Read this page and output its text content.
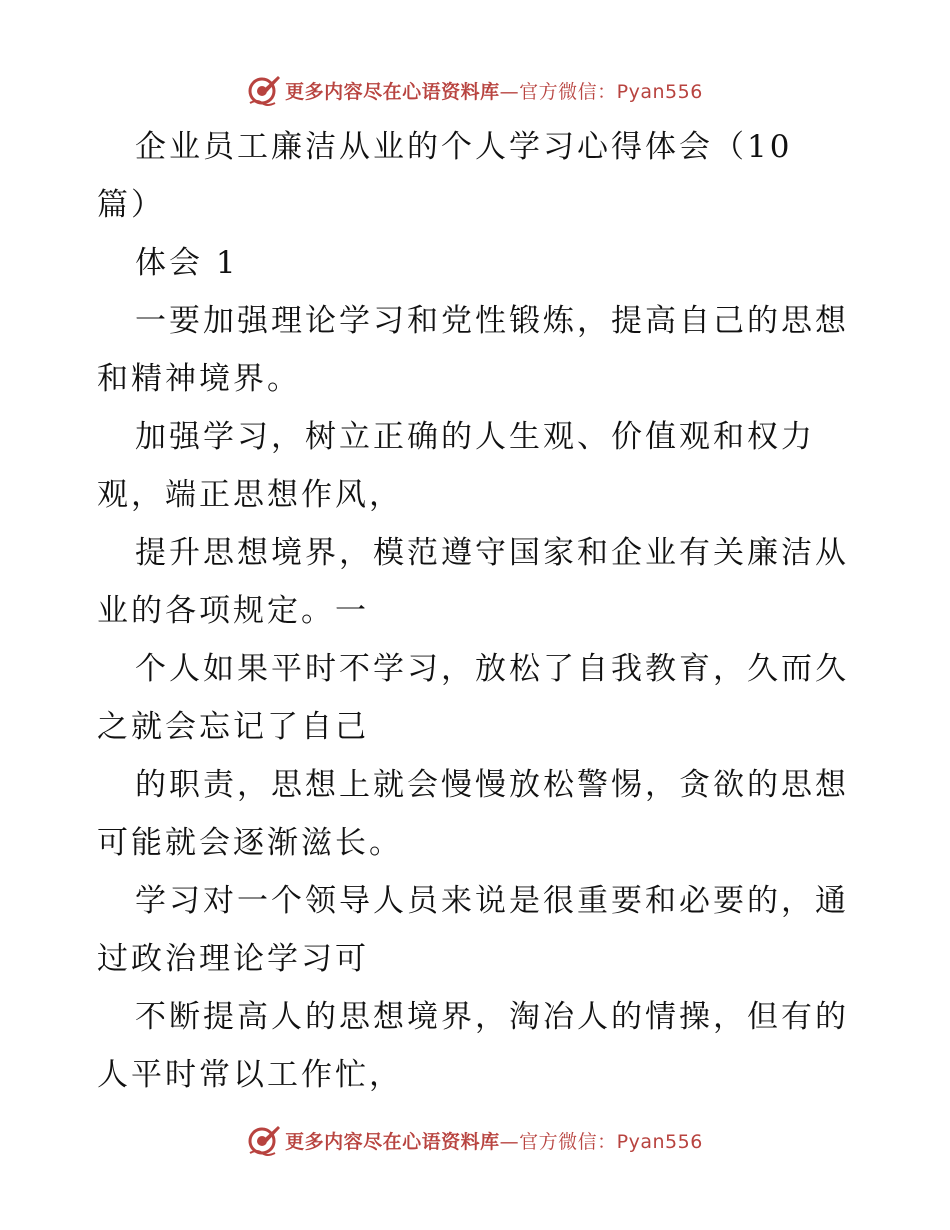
更多内容尽在心语资料库—官方微信：Pyan556
企业员工廉洁从业的个人学习心得体会（10
篇）
体会 1
一要加强理论学习和党性锻炼，提高自己的思想
和精神境界。
加强学习，树立正确的人生观、价值观和权力
观，端正思想作风，
提升思想境界，模范遵守国家和企业有关廉洁从
业的各项规定。一
个人如果平时不学习，放松了自我教育，久而久
之就会忘记了自己
的职责，思想上就会慢慢放松警惕，贪欲的思想
可能就会逐渐滋长。
学习对一个领导人员来说是很重要和必要的，通
过政治理论学习可
不断提高人的思想境界，淘冶人的情操，但有的
人平时常以工作忙，
更多内容尽在心语资料库—官方微信：Pyan556
